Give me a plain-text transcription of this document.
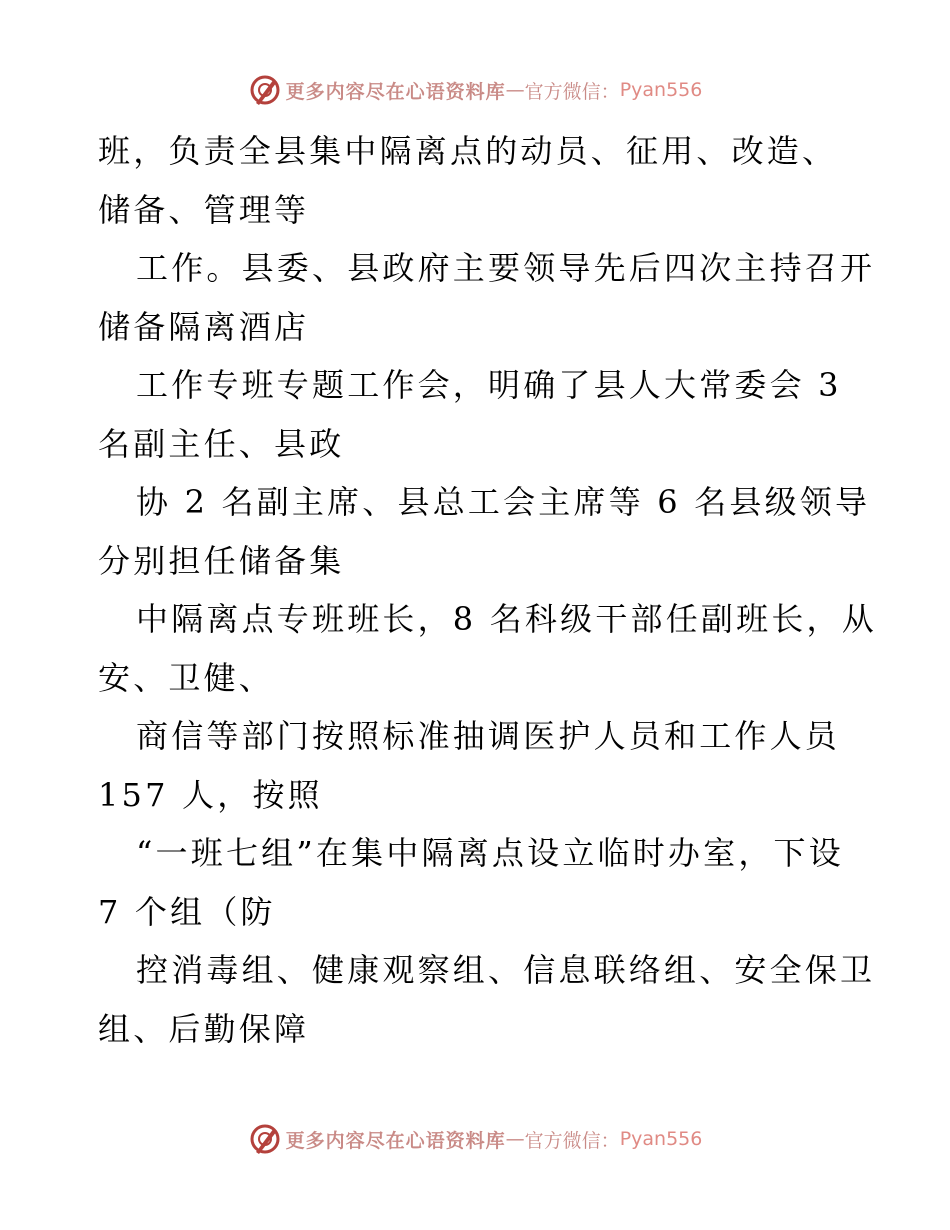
更多内容尽在心语资料库 — 官方微信： Pyan556
班，负责全县集中隔离点的动员、征用、改造、
储备、管理等
工作。县委、县政府主要领导先后四次主持召开
储备隔离酒店
工作专班专题工作会，明确了县人大常委会 3
名副主任、县政
协 2 名副主席、县总工会主席等 6 名县级领导
分别担任储备集
中隔离点专班班长，8 名科级干部任副班长，从
安、卫健、
商信等部门按照标准抽调医护人员和工作人员
157 人，按照
“一班七组”在集中隔离点设立临时办室，下设
7 个组（防
控消毒组、健康观察组、信息联络组、安全保卫
组、后勤保障
更多内容尽在心语资料库 — 官方微信： Pyan556
